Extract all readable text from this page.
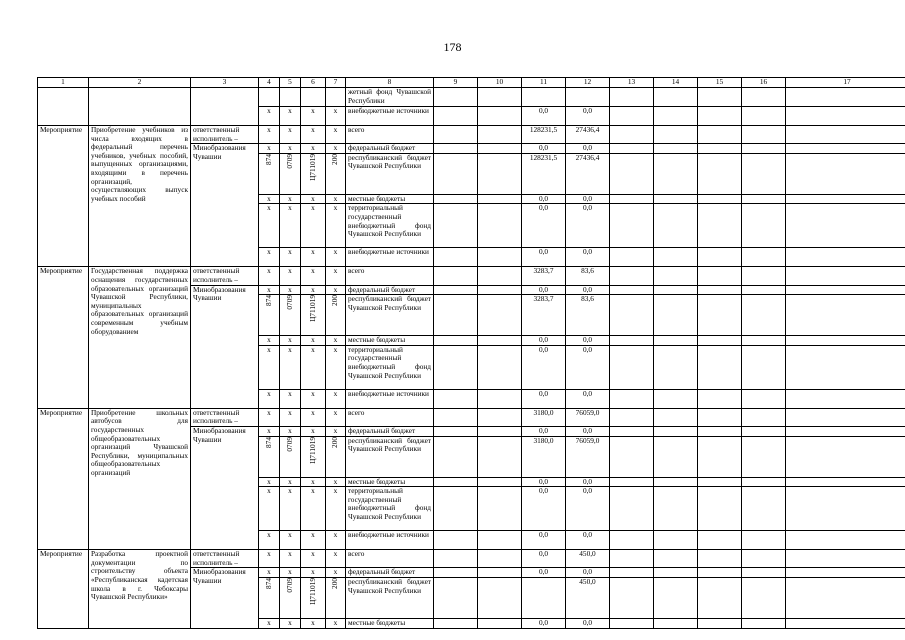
178
1	2	3	4	5	6	7	8	9	10	11	12	13	14	15	16	17
							жетный фонд Чувашской Республики									
			x	x	x	x	внебюджетные источники			0,0	0,0					
Мероприятие	Приобретение учебников из числа входящих в федеральный перечень учебников, учебных пособий, выпущенных организациями, входящими в перечень организаций, осуществляющих выпуск учебных пособий	ответственный исполнитель –	x	x	x	x	всего			128231,5	27436,4					
		Минобразования Чувашии	x	x	x	x	федеральный бюджет			0,0	0,0					
			874	0709	Ц711019	200	республиканский бюджет Чувашской Республики			128231,5	27436,4					
			x	x	x	x	местные бюджеты			0,0	0,0					
			x	x	x	x	территориальный государственный внебюджетный фонд Чувашской Республики			0,0	0,0					
			x	x	x	x	внебюджетные источники			0,0	0,0					
Мероприятие	Государственная поддержка оснащения государственных образовательных организаций Чувашской Республики, муниципальных образовательных организаций современным учебным оборудованием	ответственный исполнитель –	x	x	x	x	всего			3283,7	83,6					
		Минобразования Чувашии	x	x	x	x	федеральный бюджет			0,0	0,0					
			874	0709	Ц711019	200	республиканский бюджет Чувашской Республики			3283,7	83,6					
			x	x	x	x	местные бюджеты			0,0	0,0					
			x	x	x	x	территориальный государственный внебюджетный фонд Чувашской Республики			0,0	0,0					
			x	x	x	x	внебюджетные источники			0,0	0,0					
Мероприятие	Приобретение школьных автобусов для государственных общеобразовательных организаций Чувашской Республики, муниципальных общеобразовательных организаций	ответственный исполнитель –	x	x	x	x	всего			3180,0	76059,0					
		Минобразования Чувашии	x	x	x	x	федеральный бюджет			0,0	0,0					
			874	0709	Ц711019	200	республиканский бюджет Чувашской Республики			3180,0	76059,0					
			x	x	x	x	местные бюджеты			0,0	0,0					
			x	x	x	x	территориальный государственный внебюджетный фонд Чувашской Республики			0,0	0,0					
			x	x	x	x	внебюджетные источники			0,0	0,0					
Мероприятие	Разработка проектной документации по строительству объекта «Республиканская кадетская школа в г. Чебоксары Чувашской Республики»	ответственный исполнитель –	x	x	x	x	всего			0,0	450,0					
		Минобразования Чувашии	x	x	x	x	федеральный бюджет			0,0	0,0					
			874	0709	Ц711019	200	республиканский бюджет Чувашской Республики				450,0					
			x	x	x	x	местные бюджеты			0,0	0,0					
